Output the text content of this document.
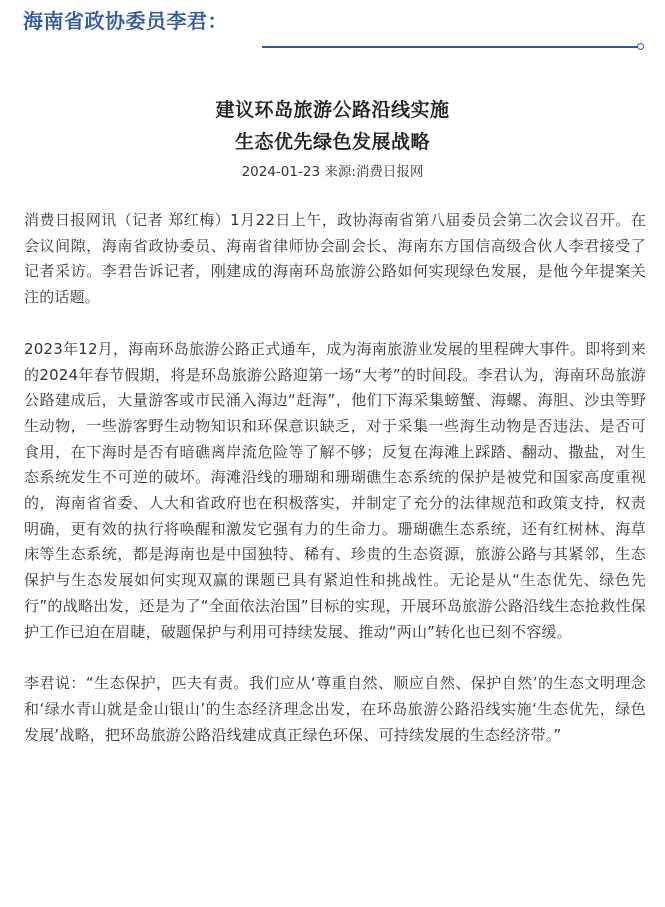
海南省政协委员李君：
建议环岛旅游公路沿线实施
生态优先绿色发展战略
2024-01-23 来源:消费日报网

消费日报网讯（记者 郑红梅）1月22日上午，政协海南省第八届委员会第二次会议召开。在会议间隙，海南省政协委员、海南省律师协会副会长、海南东方国信高级合伙人李君接受了记者采访。李君告诉记者，刚建成的海南环岛旅游公路如何实现绿色发展，是他今年提案关注的话题。

2023年12月，海南环岛旅游公路正式通车，成为海南旅游业发展的里程碑大事件。即将到来的2024年春节假期，将是环岛旅游公路迎第一场“大考”的时间段。李君认为，海南环岛旅游公路建成后，大量游客或市民涌入海边“赶海”，他们下海采集螃蟹、海螺、海胆、沙虫等野生动物，一些游客野生动物知识和环保意识缺乏，对于采集一些海生动物是否违法、是否可食用，在下海时是否有暗礁离岸流危险等了解不够；反复在海滩上踩踏、翻动、撒盐，对生态系统发生不可逆的破坏。海滩沿线的珊瑚和珊瑚礁生态系统的保护是被党和国家高度重视的，海南省省委、人大和省政府也在积极落实，并制定了充分的法律规范和政策支持，权责明确，更有效的执行将唤醒和激发它强有力的生命力。珊瑚礁生态系统，还有红树林、海草床等生态系统，都是海南也是中国独特、稀有、珍贵的生态资源，旅游公路与其紧邻，生态保护与生态发展如何实现双赢的课题已具有紧迫性和挑战性。无论是从“生态优先、绿色先行”的战略出发，还是为了“全面依法治国”目标的实现，开展环岛旅游公路沿线生态抢救性保护工作已迫在眉睫，破题保护与利用可持续发展、推动“两山”转化也已刻不容缓。

李君说：“生态保护，匹夫有责。我们应从‘尊重自然、顺应自然、保护自然’的生态文明理念和‘绿水青山就是金山银山’的生态经济理念出发，在环岛旅游公路沿线实施‘生态优先，绿色发展’战略，把环岛旅游公路沿线建成真正绿色环保、可持续发展的生态经济带。”
